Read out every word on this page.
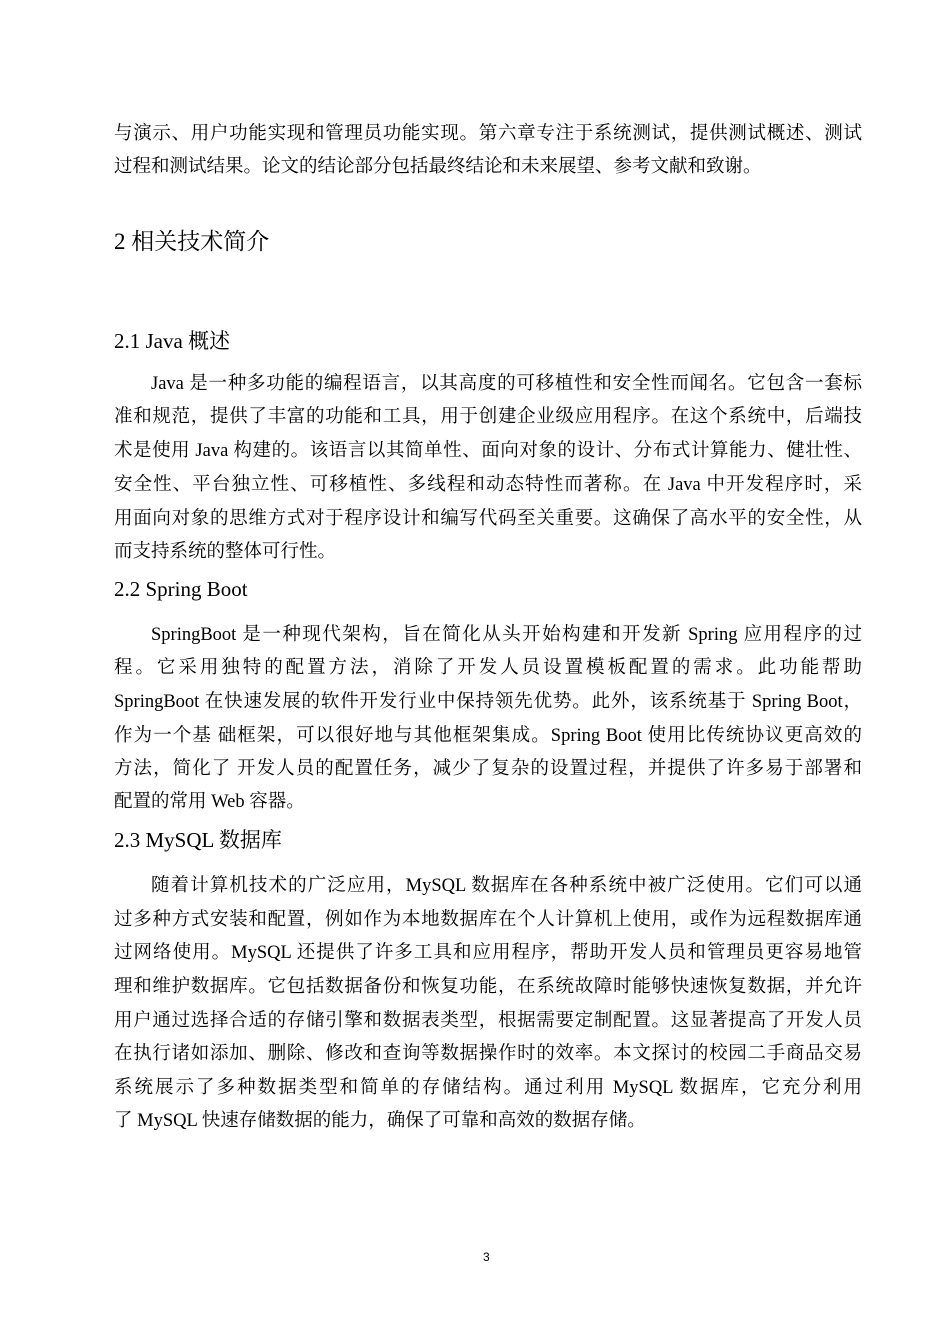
与演示、用户功能实现和管理员功能实现。第六章专注于系统测试，提供测试概述、测试
过程和测试结果。论文的结论部分包括最终结论和未来展望、参考文献和致谢。
2 相关技术简介
2.1 Java 概述
Java 是一种多功能的编程语言，以其高度的可移植性和安全性而闻名。它包含一套标
准和规范，提供了丰富的功能和工具，用于创建企业级应用程序。在这个系统中，后端技
术是使用 Java 构建的。该语言以其简单性、面向对象的设计、分布式计算能力、健壮性、
安全性、平台独立性、可移植性、多线程和动态特性而著称。在 Java 中开发程序时，采
用面向对象的思维方式对于程序设计和编写代码至关重要。这确保了高水平的安全性，从
而支持系统的整体可行性。
2.2 Spring Boot
SpringBoot 是一种现代架构，旨在简化从头开始构建和开发新 Spring 应用程序的过
程。它采用独特的配置方法，消除了开发人员设置模板配置的需求。此功能帮助
SpringBoot 在快速发展的软件开发行业中保持领先优势。此外，该系统基于 Spring Boot，
作为一个基 础框架，可以很好地与其他框架集成。Spring Boot 使用比传统协议更高效的
方法，简化了 开发人员的配置任务，减少了复杂的设置过程，并提供了许多易于部署和
配置的常用 Web 容器。
2.3 MySQL 数据库
随着计算机技术的广泛应用，MySQL 数据库在各种系统中被广泛使用。它们可以通
过多种方式安装和配置，例如作为本地数据库在个人计算机上使用，或作为远程数据库通
过网络使用。MySQL 还提供了许多工具和应用程序，帮助开发人员和管理员更容易地管
理和维护数据库。它包括数据备份和恢复功能，在系统故障时能够快速恢复数据，并允许
用户通过选择合适的存储引擎和数据表类型，根据需要定制配置。这显著提高了开发人员
在执行诸如添加、删除、修改和查询等数据操作时的效率。本文探讨的校园二手商品交易
系统展示了多种数据类型和简单的存储结构。通过利用 MySQL 数据库，它充分利用
了 MySQL 快速存储数据的能力，确保了可靠和高效的数据存储。
3
